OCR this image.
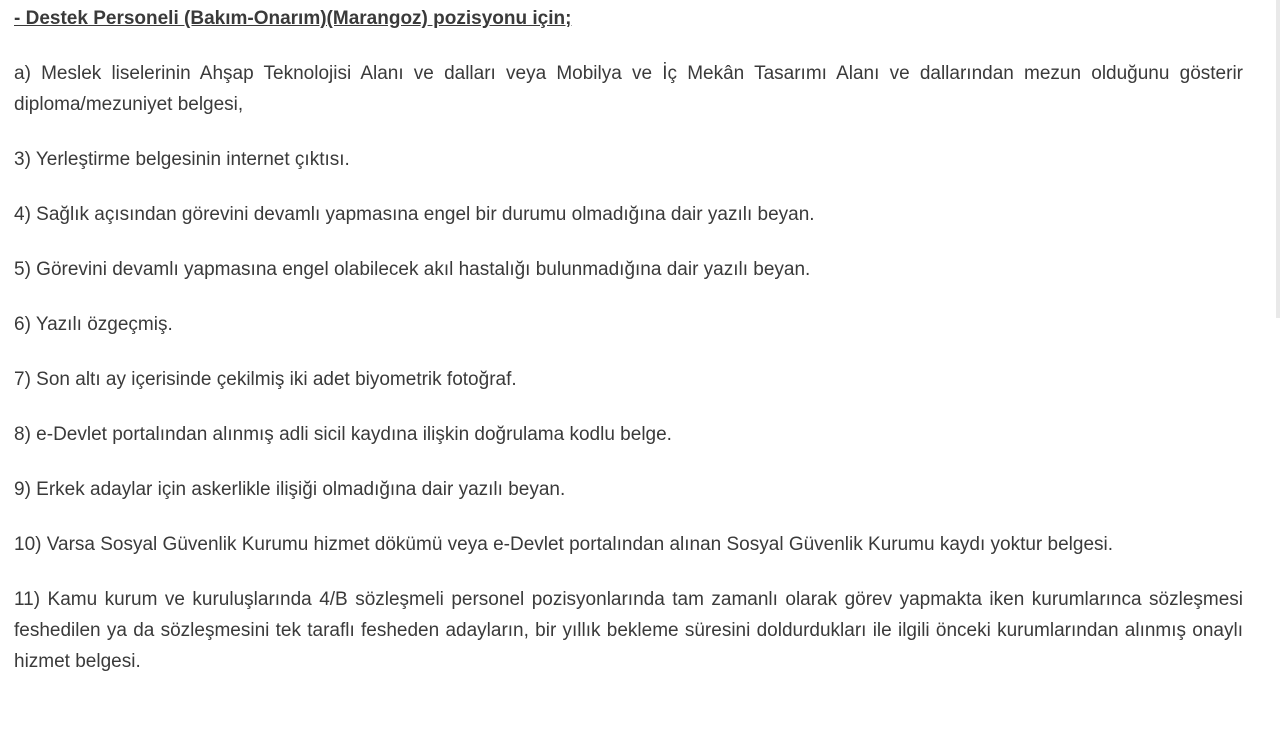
- Destek Personeli (Bakım-Onarım)(Marangoz) pozisyonu için;

a) Meslek liselerinin Ahşap Teknolojisi Alanı ve dalları veya Mobilya ve İç Mekân Tasarımı Alanı ve dallarından mezun olduğunu gösterir diploma/mezuniyet belgesi,

3) Yerleştirme belgesinin internet çıktısı.

4) Sağlık açısından görevini devamlı yapmasına engel bir durumu olmadığına dair yazılı beyan.

5) Görevini devamlı yapmasına engel olabilecek akıl hastalığı bulunmadığına dair yazılı beyan.

6) Yazılı özgeçmiş.

7) Son altı ay içerisinde çekilmiş iki adet biyometrik fotoğraf.

8) e-Devlet portalından alınmış adli sicil kaydına ilişkin doğrulama kodlu belge.

9) Erkek adaylar için askerlikle ilişiği olmadığına dair yazılı beyan.

10) Varsa Sosyal Güvenlik Kurumu hizmet dökümü veya e-Devlet portalından alınan Sosyal Güvenlik Kurumu kaydı yoktur belgesi.

11) Kamu kurum ve kuruluşlarında 4/B sözleşmeli personel pozisyonlarında tam zamanlı olarak görev yapmakta iken kurumlarınca sözleşmesi feshedilen ya da sözleşmesini tek taraflı fesheden adayların, bir yıllık bekleme süresini doldurdukları ile ilgili önceki kurumlarından alınmış onaylı hizmet belgesi.
